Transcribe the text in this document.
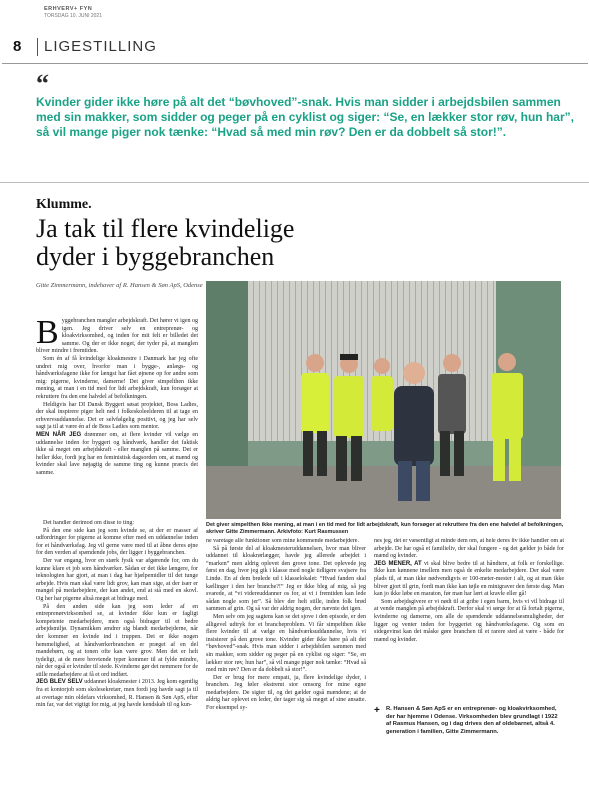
ERHVERV+ FYN
TORSDAG 10. JUNI 2021
8 LIGESTILLING
“
Kvinder gider ikke høre på alt det “bøvhoved”-snak. Hvis man sidder i arbejdsbilen sammen med sin makker, som sidder og peger på en cyklist og siger: “Se, en lækker stor røv, hun har”, så vil mange piger nok tænke: “Hvad så med min røv? Den er da dobbelt så stor!”.
Klumme.
Ja tak til flere kvindelige dyder i byggebranchen
Gitte Zimmermann, indehaver af R. Hansen & Søn ApS, Odense
Det giver simpelthen ikke mening, at man i en tid med for lidt arbejdskraft, kun forsøger at rekruttere fra den ene halvdel af befolkningen, skriver Gitte Zimmermann. Arkivfoto: Kurt Rasmussen
B yggebranchen mangler arbejdskraft. Det hører vi igen og igen. Jeg driver selv en entreprenør- og kloakvirksomhed, og inden for mit felt er billedet det samme. Og der er ikke noget, der tyder på, at manglen bliver mindre i fremtiden.

Som én af få kvindelige kloakmestre i Danmark har jeg ofte undret mig over, hvorfor man i bygge-, anlægs- og håndværksfagene ikke for længst har fået øjnene op for andre som mig: pigerne, kvinderne, damerne! Det giver simpelthen ikke mening, at man i en tid med for lidt arbejdskraft, kun forsøger at rekruttere fra den ene halvdel af befolkningen.

Heldigvis har DI Dansk Byggeri søsat projektet, Boss Ladies, der skal inspirere piger helt ned i folkeskoleelderen til at tage en erhvervsuddannelse. Det er selvfølgelig positivt, og jeg har selv sagt ja til at være én af de Boss Ladies som mentor.

MEN NÅR JEG drømmer om, at flere kvinder vil vælge en uddannelse inden for byggeri og håndværk, handler det faktisk ikke så meget om arbejdskraft - eller manglen på samme. Det er heller ikke, fordi jeg har en feministisk dagsorden om, at mænd og kvinder skal lave nøjagtig de samme ting og kunne præcis det samme.

Det handler derimod om disse to ting:

På den ene side kan jeg som kvinde se, at der er masser af udfordringer for pigerne at komme efter med en uddannelse inden for et håndværksfag. Jeg vil gerne være med til at åbne deres øjne for den verden af spændende jobs, der ligger i byggebranchen.

Der var engang, hvor en stærk fysik var afgørende for, om du kunne klare et job som håndværker. Sådan er det ikke længere, for teknologien har gjort, at man i dag har hjælpemidler til det tunge arbejde. Hvis man skal være lidt grov, kan man sige, at der især er mangel på medarbejdere, der kan andet, end at stå med en skovl. Og her har pigerne altså meget at bidrage med.

På den anden side kan jeg som leder af en entreprenørvirksomhed se, at kvinder ikke kun er fagligt kompetente medarbejdere, men også bidrager til et bedre arbejdsmiljø. Dynamikken ændrer sig blandt medarbejderne, når der kommer en kvinde ind i truppen. Det er ikke nogen hemmelighed, at håndværkerbranchen er præget af en del mandebørn, og at tonen ofte kan være grov. Men det er helt tydeligt, at de mere brovtende typer kommer til at fylde mindre, når der også er kvinder til stede. Kvinderne gør det nemmere for de stille medarbejdere at få et ord indført.

JEG BLEV SELV uddannet kloakmester i 2013. Jeg kom egentlig fra et kontorjob som skolesekretær, men fordi jeg havde sagt ja til at overtage min oldefars virksomhed, R. Hansen & Søn ApS, efter min far, var det vigtigt for mig, at jeg havde kendskab til og kun-

ne varetage alle funktioner som mine kommende medarbejdere.

Så på første del af kloakmesteruddannelsen, hvor man bliver uddannet til kloakrørlægger, havde jeg allerede arbejdet i “marken” men aldrig oplevet den grove tone. Det oplevede jeg først en dag, hvor jeg gik i klasse med nogle tidligere svajsere fra Lindø. En af dem brølede ud i klasselokalet: “Hvad fanden skal kællinger i den her branche?!” Jeg er ikke bleg af mig, så jeg svarede, at “vi videreuddanner os for, at vi i fremtiden kan lede sådan nogle som jer”. Så blev der helt stille, inden folk brød sammen af grin. Og så var der aldrig nogen, der nævnte det igen.

Men selv om jeg sagtens kan se det sjove i den episode, er den alligevel udtryk for et brancheproblem. Vi får simpelthen ikke flere kvinder til at vælge en håndværksuddannelse, hvis vi insisterer på den grove tone. Kvinder gider ikke høre på alt det “bøvhoved”-snak. Hvis man sidder i arbejdsbilen sammen med sin makker, som sidder og peger på en cyklist og siger: “Se, en lækker stor røv, hun har”, så vil mange piger nok tænke: “Hvad så med min røv? Den er da dobbelt så stor!”.

Der er brug for mere empati, ja, flere kvindelige dyder, i branchen. Jeg føler ekstremt stor omsorg for mine egne medarbejdere. De sigter til, og det gælder også mændene; at de aldrig har oplevet en leder, der tager sig så meget af sine ansatte. For eksempel sy-

nes jeg, det er væsentligt at minde dem om, at hele deres liv ikke handler om at arbejde. De har også et familieliv, der skal fungere - og det gælder jo både for mænd og kvinder.

JEG MENER, AT vi skal blive bedre til at håndtere, at folk er forskellige. Ikke kun kønnene imellem men også de enkelte medarbejdere. Der skal være plads til, at man ikke nødvendigvis er 100-meter-mester i alt, og at man ikke bliver gjort til grin, fordi man ikke kan tøjle en minigraver den første dag. Man kan jo ikke løbe en maraton, før man har lært at kravle eller gå!

Som arbejdsgivere er vi nødt til at gribe i egen barm, hvis vi vil bidrage til at vende manglen på arbejdskraft. Derfor skal vi sørge for at få fortalt pigerne, kvinderne og damerne, om alle de spændende uddannelsesmuligheder, der ligger og venter inden for byggeriet og håndværksfagene. Og som en sidegevinst kan det måske gøre branchen til et rarere sted at være - både for mænd og kvinder.

+ R. Hansen & Søn ApS er en entreprenør- og kloakvirksomhed, der har hjemme i Odense. Virksomheden blev grundlagt i 1922 af Rasmus Hansen, og i dag drives den af oldebarnet, altså 4. generation i familien, Gitte Zimmermann.
